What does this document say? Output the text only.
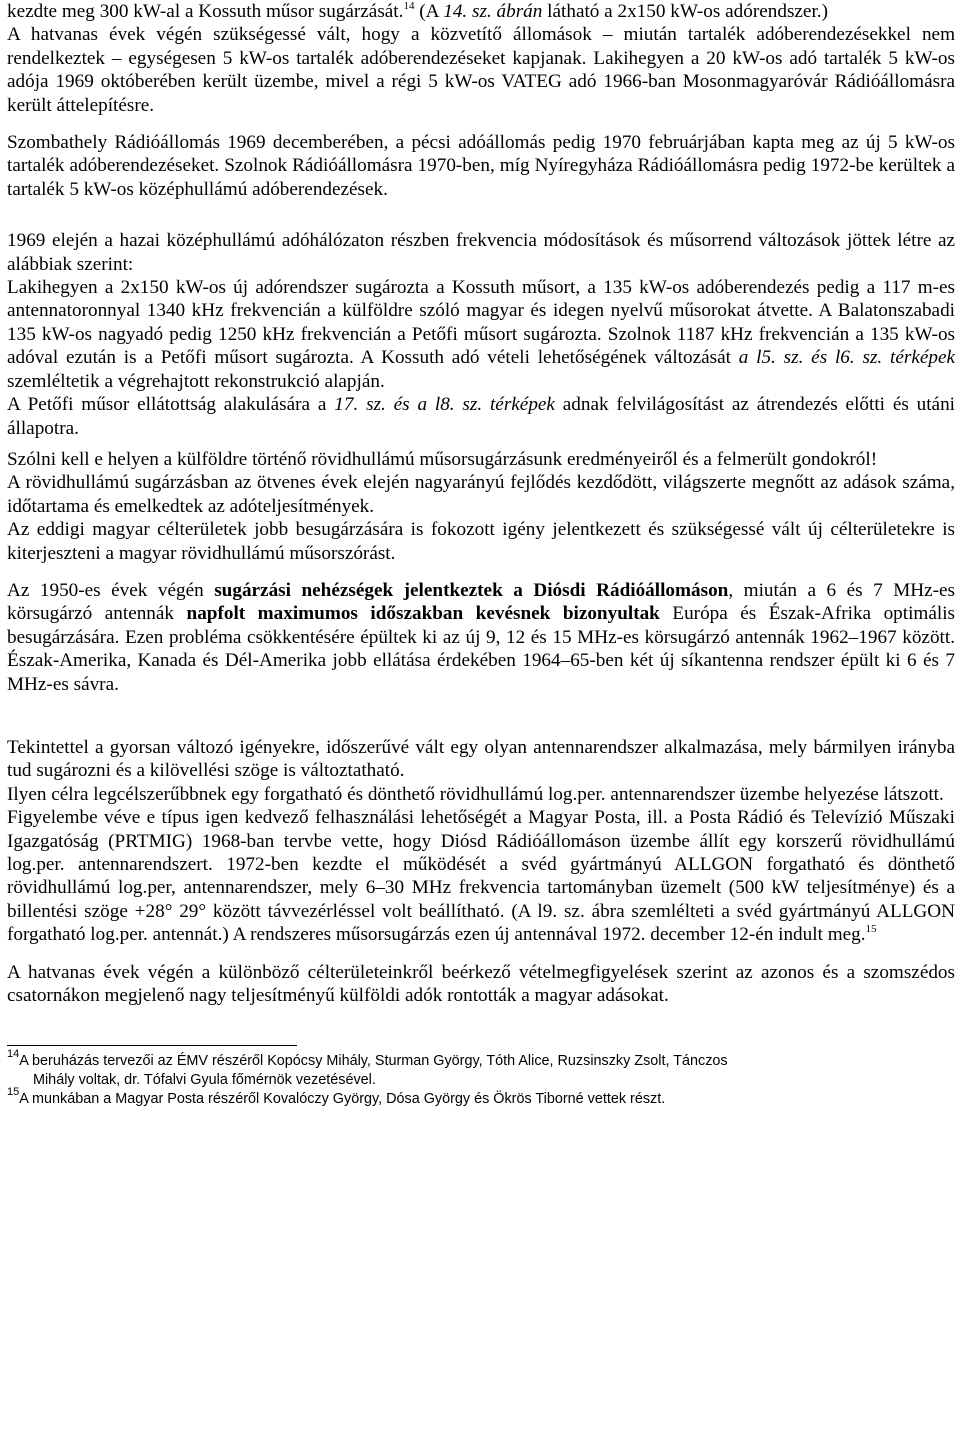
kezdte meg 300 kW-al a Kossuth műsor sugárzását.$^{14}$ (A 14. sz. ábrán látható a 2x150 kW-os adórendszer.)

A hatvanas évek végén szükségessé vált, hogy a közvetítő állomások – miután tartalék adóberendezésekkel nem rendelkeztek – egységesen 5 kW-os tartalék adóberendezéseket kapjanak. Lakihegyen a 20 kW-os adó tartalék 5 kW-os adója 1969 októberében került üzembe, mivel a régi 5 kW-os VATEG adó 1966-ban Mosonmagyaróvár Rádióállomásra került áttelepítésre.

Szombathely Rádióállomás 1969 decemberében, a pécsi adóállomás pedig 1970 februárjában kapta meg az új 5 kW-os tartalék adóberendezéseket. Szolnok Rádióállomásra 1970-ben, míg Nyíregyháza Rádióállomásra pedig 1972-be kerültek a tartalék 5 kW-os középhullámú adóberendezések.

1969 elején a hazai középhullámú adóhálózaton részben frekvencia módosítások és műsorrend változások jöttek létre az alábbiak szerint:

Lakihegyen a 2x150 kW-os új adórendszer sugározta a Kossuth műsort, a 135 kW-os adóberendezés pedig a 117 m-es antennatoronnyal 1340 kHz frekvencián a külföldre szóló magyar és idegen nyelvű műsorokat átvette. A Balatonszabadi 135 kW-os nagyadó pedig 1250 kHz frekvencián a Petőfi műsort sugározta. Szolnok 1187 kHz frekvencián a 135 kW-os adóval ezután is a Petőfi műsort sugározta. A Kossuth adó vételi lehetőségének változását a l5. sz. és l6. sz. térképek szemléltetik a végrehajtott rekonstrukció alapján.

A Petőfi műsor ellátottság alakulására a 17. sz. és a l8. sz. térképek adnak felvilágosítást az átrendezés előtti és utáni állapotra.

Szólni kell e helyen a külföldre történő rövidhullámú műsorsugárzásunk eredményeiről és a felmerült gondokról!

A rövidhullámú sugárzásban az ötvenes évek elején nagyarányú fejlődés kezdődött, világszerte megnőtt az adások száma, időtartama és emelkedtek az adóteljesítmények.

Az eddigi magyar célterületek jobb besugárzására is fokozott igény jelentkezett és szükségessé vált új célterületekre is kiterjeszteni a magyar rövidhullámú műsorszórást.

Az 1950-es évek végén sugárzási nehézségek jelentkeztek a Diósdi Rádióállomáson, miután a 6 és 7 MHz-es körsugárzó antennák napfolt maximumos időszakban kevésnek bizonyultak Európa és Észak-Afrika optimális besugárzására. Ezen probléma csökkentésére épültek ki az új 9, 12 és 15 MHz-es körsugárzó antennák 1962–1967 között. Észak-Amerika, Kanada és Dél-Amerika jobb ellátása érdekében 1964–65-ben két új síkantenna rendszer épült ki 6 és 7 MHz-es sávra.

Tekintettel a gyorsan változó igényekre, időszerűvé vált egy olyan antennarendszer alkalmazása, mely bármilyen irányba tud sugározni és a kilövellési szöge is változtatható.

Ilyen célra legcélszerűbbnek egy forgatható és dönthető rövidhullámú log.per. antennarendszer üzembe helyezése látszott.

Figyelembe véve e típus igen kedvező felhasználási lehetőségét a Magyar Posta, ill. a Posta Rádió és Televízió Műszaki Igazgatóság (PRTMIG) 1968-ban tervbe vette, hogy Diósd Rádióállomáson üzembe állít egy korszerű rövidhullámú log.per. antennarendszert. 1972-ben kezdte el működését a svéd gyártmányú ALLGON forgatható és dönthető rövidhullámú log.per, antennarendszer, mely 6–30 MHz frekvencia tartományban üzemelt (500 kW teljesítménye) és a billentési szöge +28° 29° között távvezérléssel volt beállítható. (A l9. sz. ábra szemlélteti a svéd gyártmányú ALLGON forgatható log.per. antennát.) A rendszeres műsorsugárzás ezen új antennával 1972. december 12-én indult meg.$^{15}$

A hatvanas évek végén a különböző célterületeinkről beérkező vételmegfigyelések szerint az azonos és a szomszédos csatornákon megjelenő nagy teljesítményű külföldi adók rontották a magyar adásokat.

$^{14}$A beruházás tervezői az ÉMV részéről Kopócsy Mihály, Sturman György, Tóth Alice, Ruzsinszky Zsolt, Tánczos
Mihály voltak, dr. Tófalvi Gyula főmérnök vezetésével.

$^{15}$A munkában a Magyar Posta részéről Kovalóczy György, Dósa György és Ökrös Tiborné vettek részt.
